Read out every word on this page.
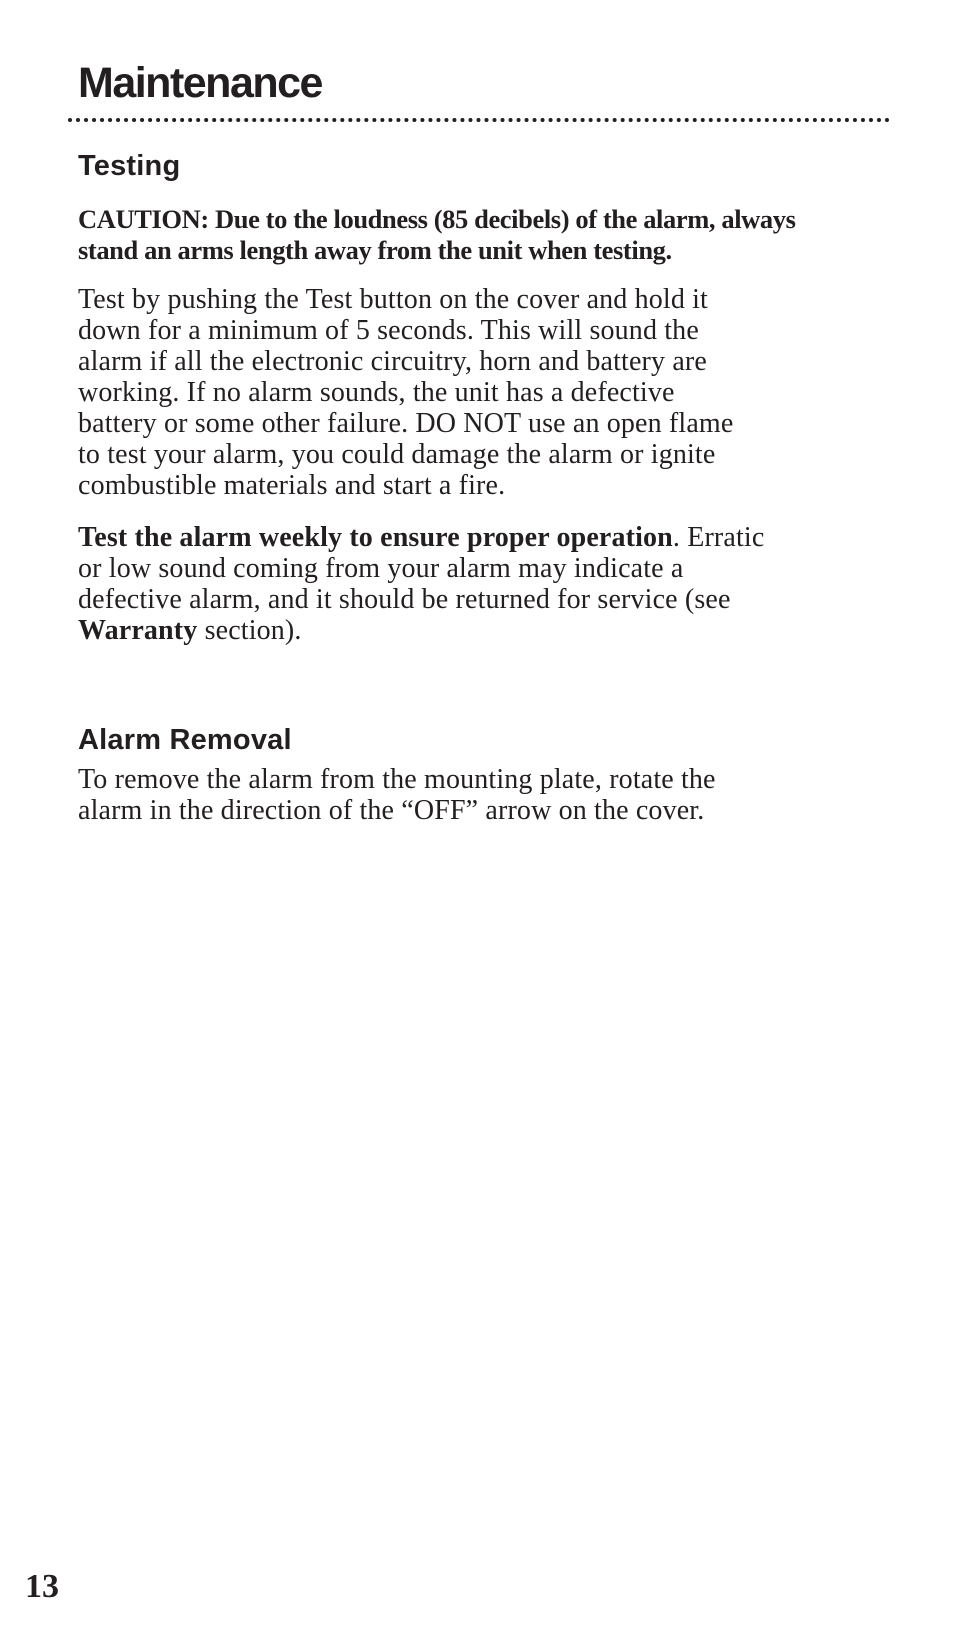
Maintenance
Testing

CAUTION: Due to the loudness (85 decibels) of the alarm, always
stand an arms length away from the unit when testing.

Test by pushing the Test button on the cover and hold it
down for a minimum of 5 seconds. This will sound the
alarm if all the electronic circuitry, horn and battery are
working. If no alarm sounds, the unit has a defective
battery or some other failure. DO NOT use an open flame
to test your alarm, you could damage the alarm or ignite
combustible materials and start a fire.

Test the alarm weekly to ensure proper operation. Erratic
or low sound coming from your alarm may indicate a
defective alarm, and it should be returned for service (see
Warranty section).

Alarm Removal

To remove the alarm from the mounting plate, rotate the
alarm in the direction of the “OFF” arrow on the cover.

13
